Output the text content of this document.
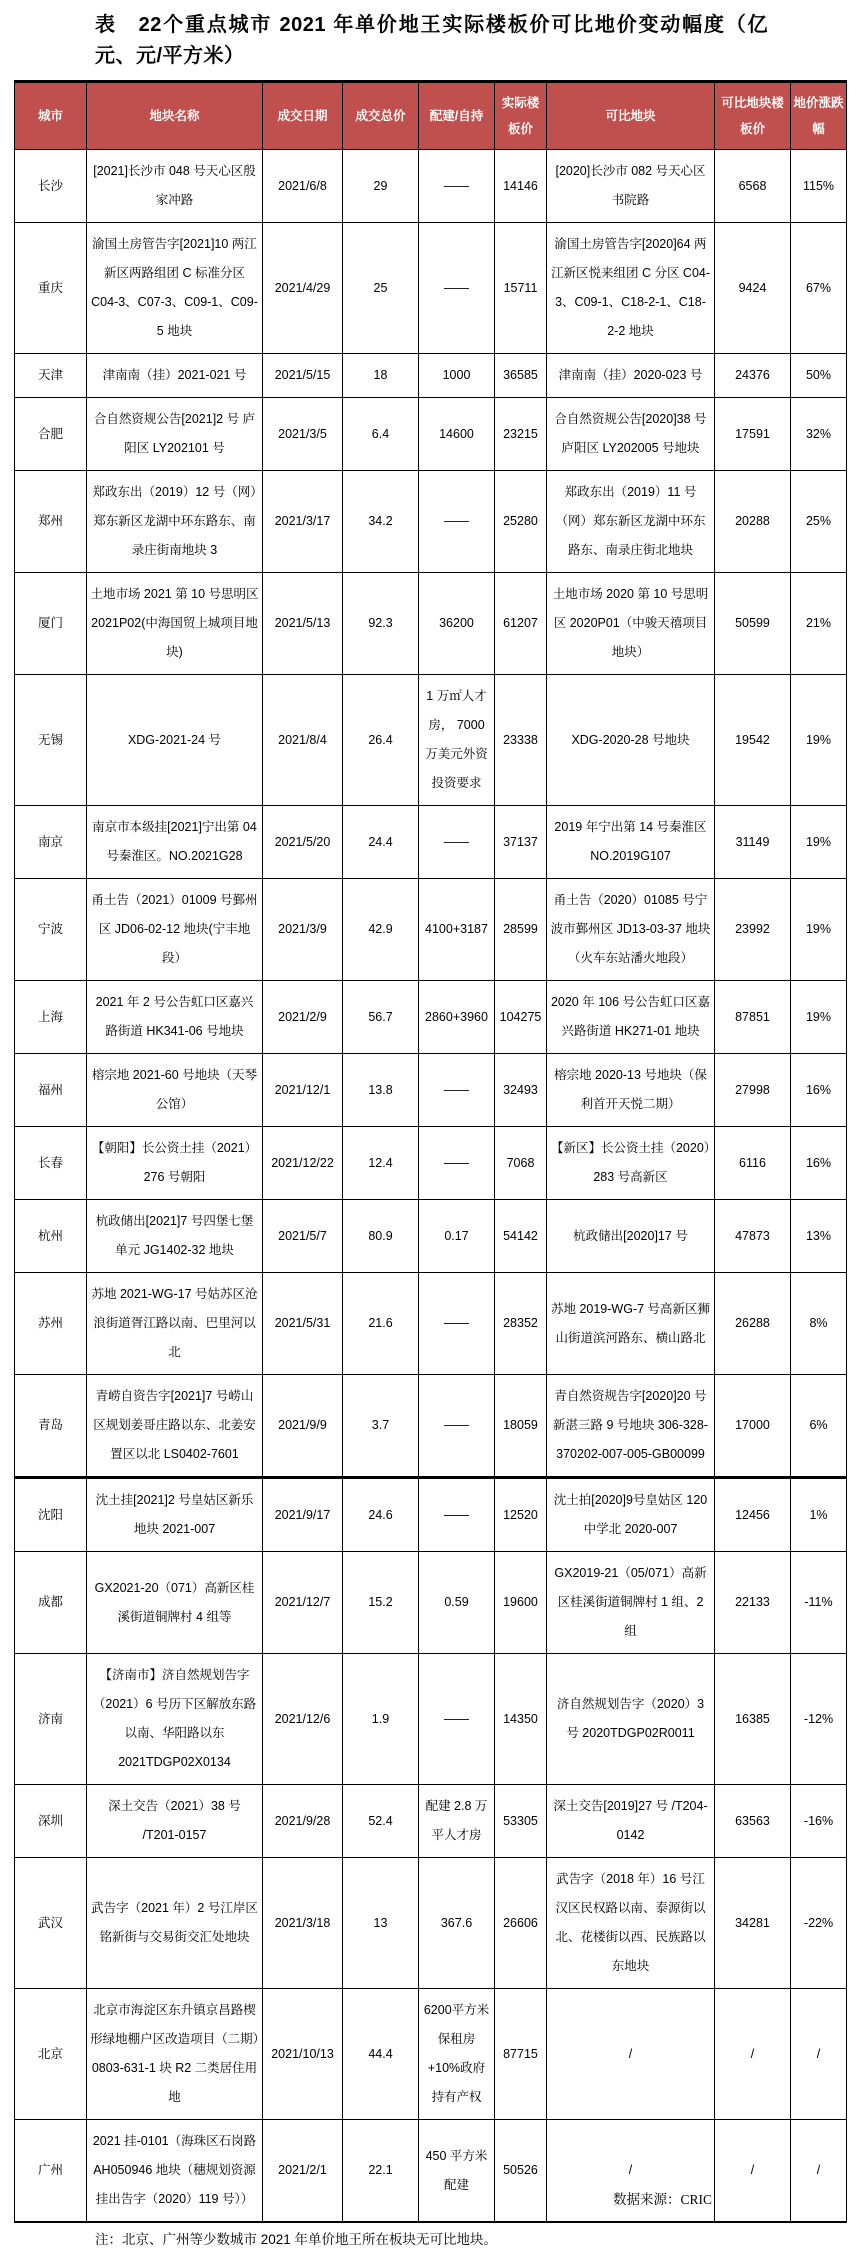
表　22个重点城市 2021 年单价地王实际楼板价可比地价变动幅度（亿元、元/平方米）
城市	地块名称	成交日期	成交总价	配建/自持	实际楼板价	可比地块	可比地块楼板价	地价涨跌幅
长沙	[2021]长沙市 048 号天心区殷家冲路	2021/6/8	29	——	14146	[2020]长沙市 082 号天心区书院路	6568	115%
重庆	渝国土房管告字[2021]10 两江新区两路组团 C 标准分区 C04-3、C07-3、C09-1、C09-5 地块	2021/4/29	25	——	15711	渝国土房管告字[2020]64 两江新区悦来组团 C 分区 C04-3、C09-1、C18-2-1、C18-2-2 地块	9424	67%
天津	津南南（挂）2021-021 号	2021/5/15	18	1000	36585	津南南（挂）2020-023 号	24376	50%
合肥	合自然资规公告[2021]2 号 庐阳区 LY202101 号	2021/3/5	6.4	14600	23215	合自然资规公告[2020]38 号庐阳区 LY202005 号地块	17591	32%
郑州	郑政东出（2019）12 号（网）郑东新区龙湖中环东路东、南录庄街南地块 3	2021/3/17	34.2	——	25280	郑政东出（2019）11 号（网）郑东新区龙湖中环东路东、南录庄街北地块	20288	25%
厦门	土地市场 2021 第 10 号思明区 2021P02(中海国贸上城项目地块)	2021/5/13	92.3	36200	61207	土地市场 2020 第 10 号思明区 2020P01（中骏天禧项目地块）	50599	21%
无锡	XDG-2021-24 号	2021/8/4	26.4	1 万㎡人才房， 7000 万美元外资投资要求	23338	XDG-2020-28 号地块	19542	19%
南京	南京市本级挂[2021]宁出第 04 号秦淮区。NO.2021G28	2021/5/20	24.4	——	37137	2019 年宁出第 14 号秦淮区 NO.2019G107	31149	19%
宁波	甬土告（2021）01009 号鄞州区 JD06-02-12 地块(宁丰地段）	2021/3/9	42.9	4100+3187	28599	甬土告（2020）01085 号宁波市鄞州区 JD13-03-37 地块（火车东站潘火地段）	23992	19%
上海	2021 年 2 号公告虹口区嘉兴路街道 HK341-06 号地块	2021/2/9	56.7	2860+3960	104275	2020 年 106 号公告虹口区嘉兴路街道 HK271-01 地块	87851	19%
福州	榕宗地 2021-60 号地块（天琴公馆）	2021/12/1	13.8	——	32493	榕宗地 2020-13 号地块（保利首开天悦二期）	27998	16%
长春	【朝阳】长公资土挂（2021）276 号朝阳	2021/12/22	12.4	——	7068	【新区】长公资土挂（2020）283 号高新区	6116	16%
杭州	杭政储出[2021]7 号四堡七堡单元 JG1402-32 地块	2021/5/7	80.9	0.17	54142	杭政储出[2020]17 号	47873	13%
苏州	苏地 2021-WG-17 号姑苏区沧浪街道胥江路以南、巴里河以北	2021/5/31	21.6	——	28352	苏地 2019-WG-7 号高新区狮山街道滨河路东、横山路北	26288	8%
青岛	青崂自资告字[2021]7 号崂山区规划姜哥庄路以东、北姜安置区以北 LS0402-7601	2021/9/9	3.7	——	18059	青自然资规告字[2020]20 号新湛三路 9 号地块 306-328-370202-007-005-GB00099	17000	6%
沈阳	沈土挂[2021]2 号皇姑区新乐地块 2021-007	2021/9/17	24.6	——	12520	沈土拍[2020]9号皇姑区 120 中学北 2020-007	12456	1%
成都	GX2021-20（071）高新区桂溪街道铜牌村 4 组等	2021/12/7	15.2	0.59	19600	GX2019-21（05/071）高新区桂溪街道铜牌村 1 组、2 组	22133	-11%
济南	【济南市】济自然规划告字（2021）6 号历下区解放东路以南、华阳路以东 2021TDGP02X0134	2021/12/6	1.9	——	14350	济自然规划告字（2020）3 号 2020TDGP02R0011	16385	-12%
深圳	深土交告（2021）38 号 /T201-0157	2021/9/28	52.4	配建 2.8 万平人才房	53305	深土交告[2019]27 号 /T204-0142	63563	-16%
武汉	武告字（2021 年）2 号江岸区铭新街与交易街交汇处地块	2021/3/18	13	367.6	26606	武告字（2018 年）16 号江汉区民权路以南、泰源街以北、花楼街以西、民族路以东地块	34281	-22%
北京	北京市海淀区东升镇京昌路楔形绿地棚户区改造项目（二期）0803-631-1 块 R2 二类居住用地	2021/10/13	44.4	6200平方米保租房+10%政府持有产权	87715	/	/	/
广州	2021 挂-0101（海珠区石岗路 AH050946 地块（穗规划资源挂出告字（2020）119 号））	2021/2/1	22.1	450 平方米配建	50526	/	/	/
注：北京、广州等少数城市 2021 年单价地王所在板块无可比地块。
数据来源：CRIC
